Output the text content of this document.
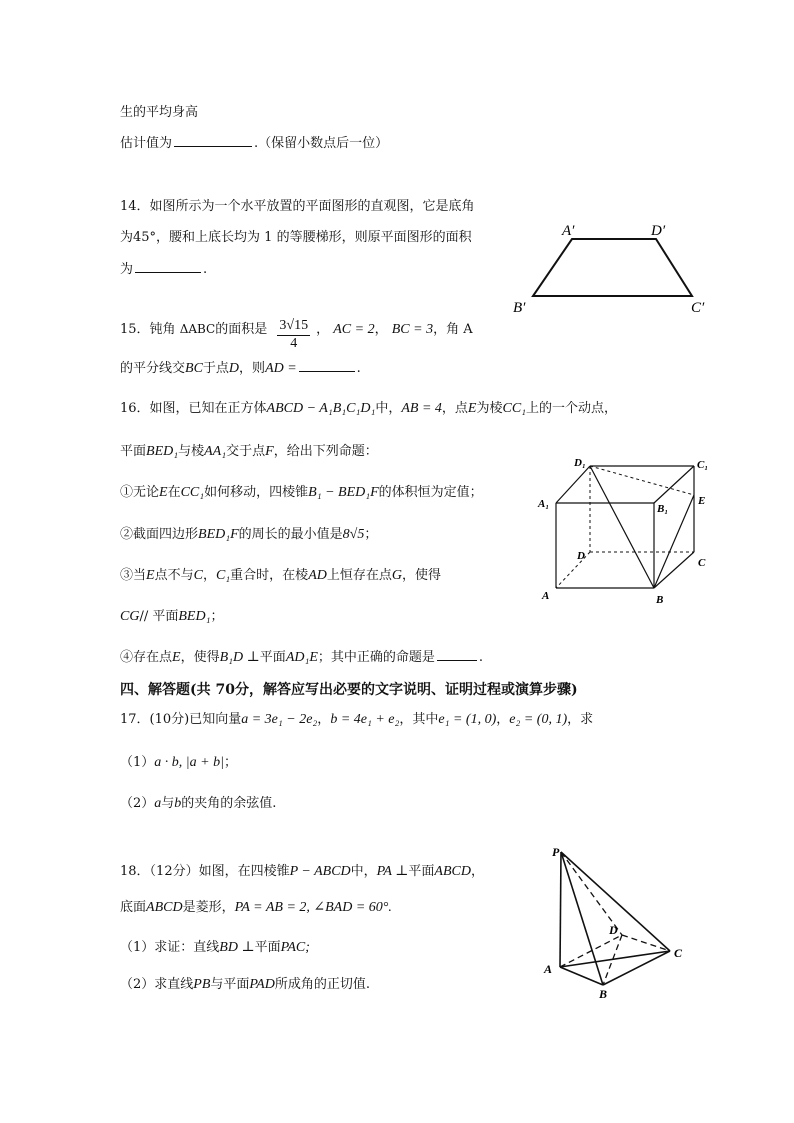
生的平均身高
估计值为	.（保留小数点后一位）
14．如图所示为一个水平放置的平面图形的直观图，它是底角
为45°，腰和上底长均为 1 的等腰梯形，则原平面图形的面积
为	.
A′	D′
B′	C′
15．钝角 ΔABC的面积是 $\frac{3√15}{4}$ ， AC = 2， BC = 3，角 A
的平分线交BC于点D，则AD =	.
16．如图，已知在正方体ABCD − A₁B₁C₁D₁中，AB = 4，点E为棱CC₁上的一个动点，
平面BED₁与棱AA₁交于点F，给出下列命题：
①无论E在CC₁如何移动，四棱锥B₁ − BED₁F的体积恒为定值；
②截面四边形BED₁F的周长的最小值是8√5；
③当E点不与C，C₁重合时，在棱AD上恒存在点G，使得
CG// 平面BED₁；
④存在点E，使得B₁D ⊥平面AD₁E；其中正确的命题是	.
D₁	C₁
A₁	B₁
E
D
C
A	B
四、解答题(共 70分，解答应写出必要的文字说明、证明过程或演算步骤)
17．(10分)已知向量a = 3e₁ − 2e₂，b = 4e₁ + e₂，其中e₁ = (1, 0)，e₂ = (0, 1)，求
（1）a · b, |a + b|；
（2）a与b的夹角的余弦值.
18．（12分）如图，在四棱锥P − ABCD中，PA ⊥平面ABCD，
底面ABCD是菱形，PA = AB = 2, ∠BAD = 60°.
（1）求证：直线BD ⊥平面PAC;
（2）求直线PB与平面PAD所成角的正切值.
P
D
C
A
B
